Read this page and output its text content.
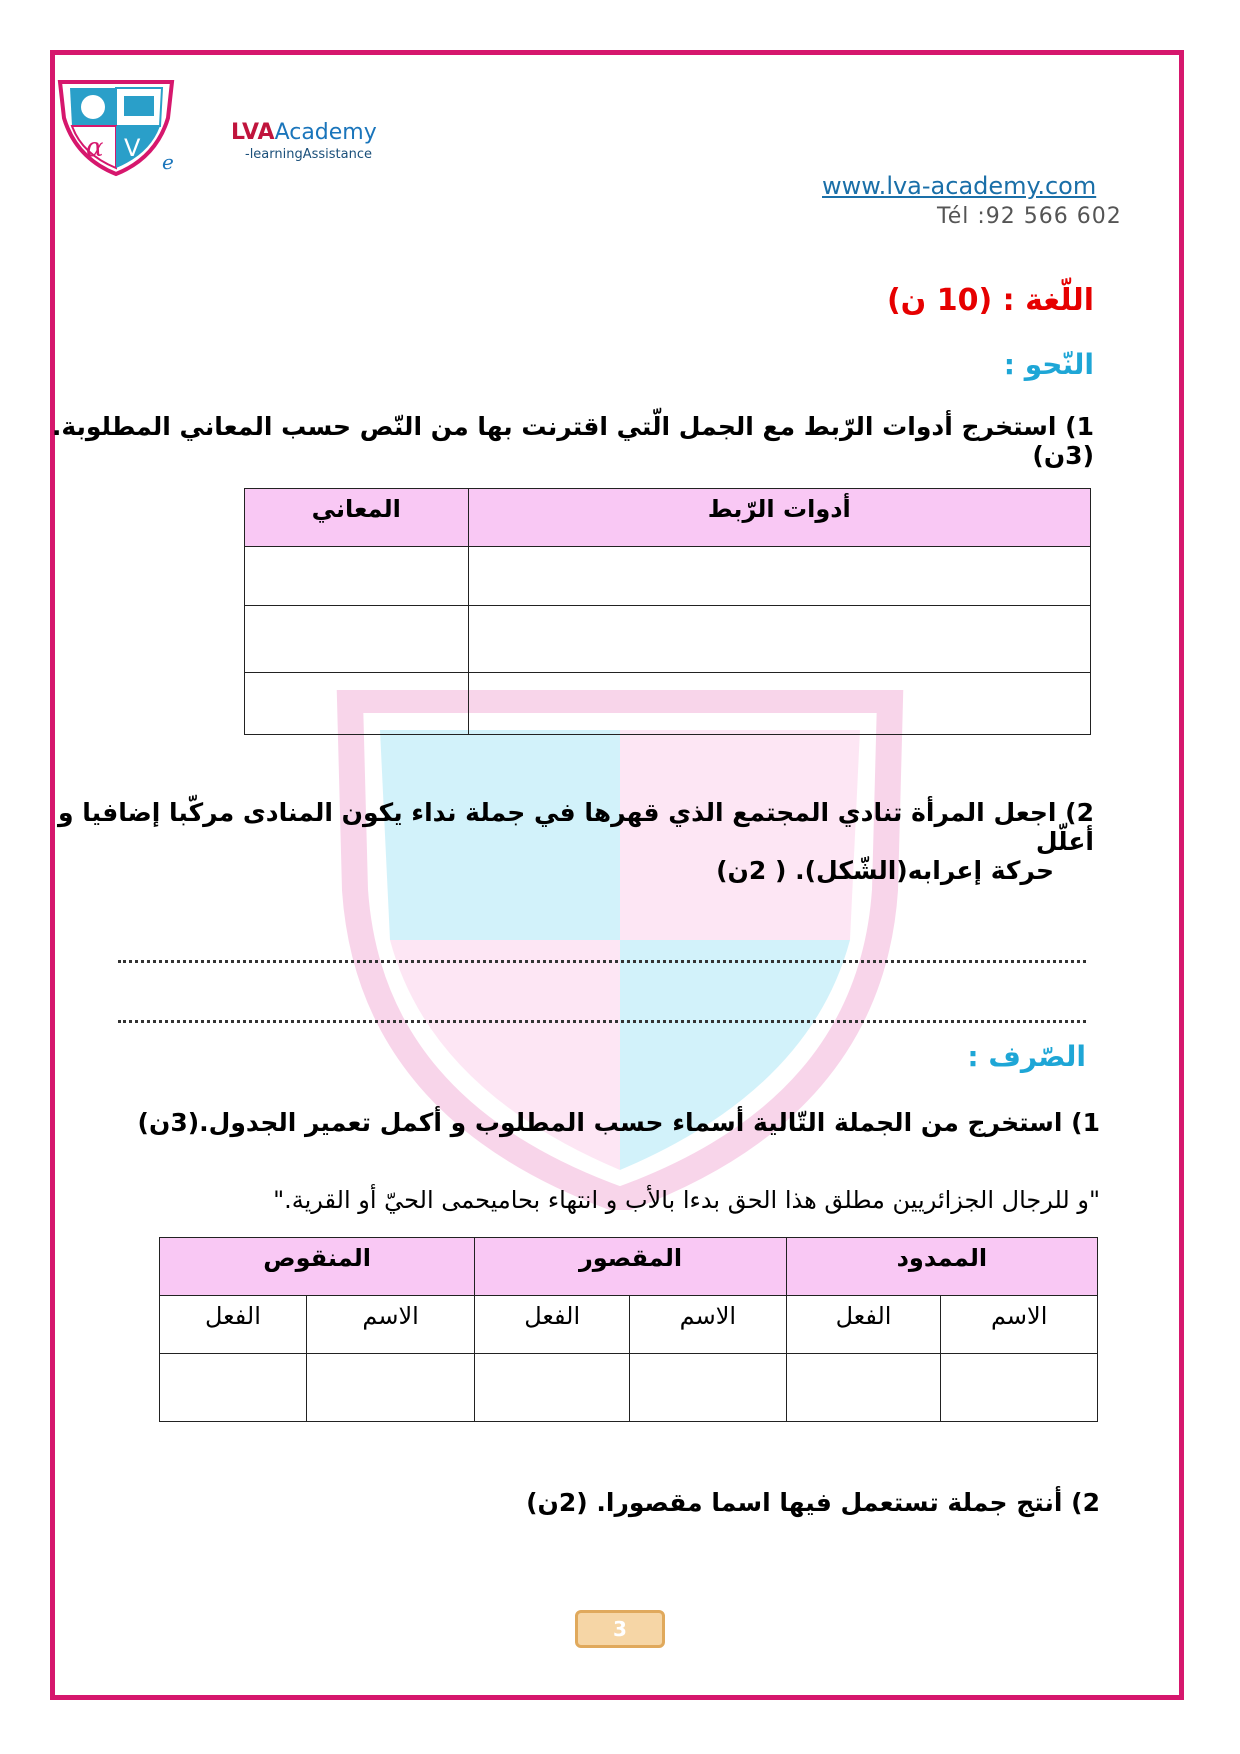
α V e
LVAAcademy
-learningAssistance
www.lva-academy.com
Tél :92 566 602
اللّغة : (10 ن)
النّحو :
1) استخرج أدوات الرّبط مع الجمل الّتي اقترنت بها من النّص حسب المعاني المطلوبة.(3ن)
أدوات الرّبط	المعاني

2) اجعل المرأة تنادي المجتمع الذي قهرها في جملة نداء يكون المنادى مركّبا إضافيا و أعلّل
حركة إعرابه(الشّكل). ( 2ن)
الصّرف :
1) استخرج من الجملة التّالية أسماء حسب المطلوب و أكمل تعمير الجدول.(3ن)
"و للرجال الجزائريين مطلق هذا الحق بدءا بالأب و انتهاء بحاميحمى الحيّ أو القرية."
الممدود		المقصور		المنقوص	
الاسم	الفعل	الاسم	الفعل	الاسم	الفعل

2) أنتج جملة تستعمل فيها اسما مقصورا. (2ن)
3
